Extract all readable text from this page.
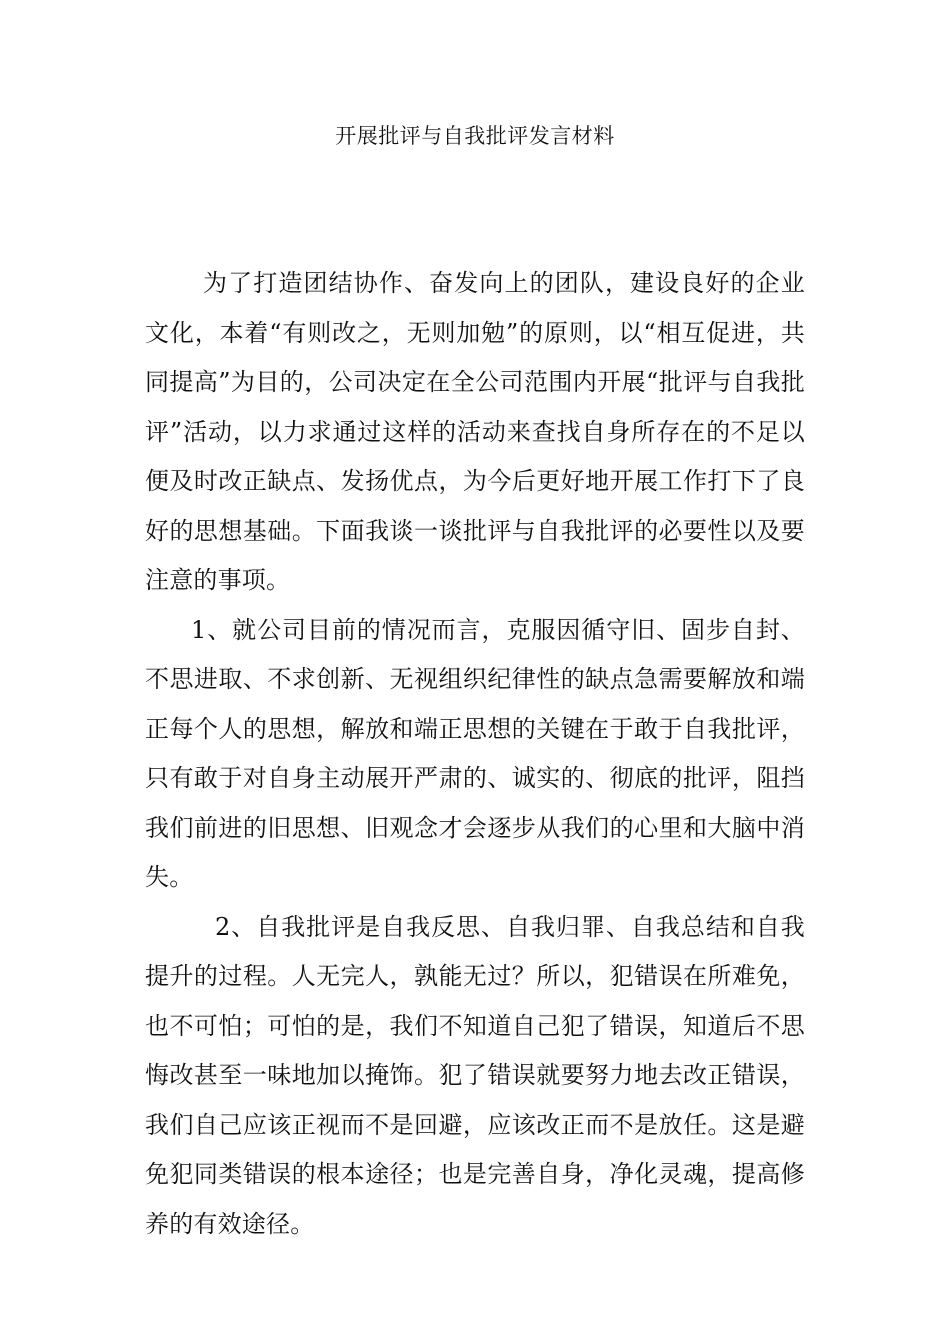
开展批评与自我批评发言材料

为了打造团结协作、奋发向上的团队，建设良好的企业文化，本着“有则改之，无则加勉”的原则，以“相互促进，共同提高”为目的，公司决定在全公司范围内开展“批评与自我批评”活动，以力求通过这样的活动来查找自身所存在的不足以便及时改正缺点、发扬优点，为今后更好地开展工作打下了良好的思想基础。下面我谈一谈批评与自我批评的必要性以及要注意的事项。

1、就公司目前的情况而言，克服因循守旧、固步自封、不思进取、不求创新、无视组织纪律性的缺点急需要解放和端正每个人的思想，解放和端正思想的关键在于敢于自我批评，只有敢于对自身主动展开严肃的、诚实的、彻底的批评，阻挡我们前进的旧思想、旧观念才会逐步从我们的心里和大脑中消失。

2、自我批评是自我反思、自我归罪、自我总结和自我提升的过程。人无完人，孰能无过？所以，犯错误在所难免，也不可怕；可怕的是，我们不知道自己犯了错误，知道后不思悔改甚至一味地加以掩饰。犯了错误就要努力地去改正错误，我们自己应该正视而不是回避，应该改正而不是放任。这是避免犯同类错误的根本途径；也是完善自身，净化灵魂，提高修养的有效途径。
